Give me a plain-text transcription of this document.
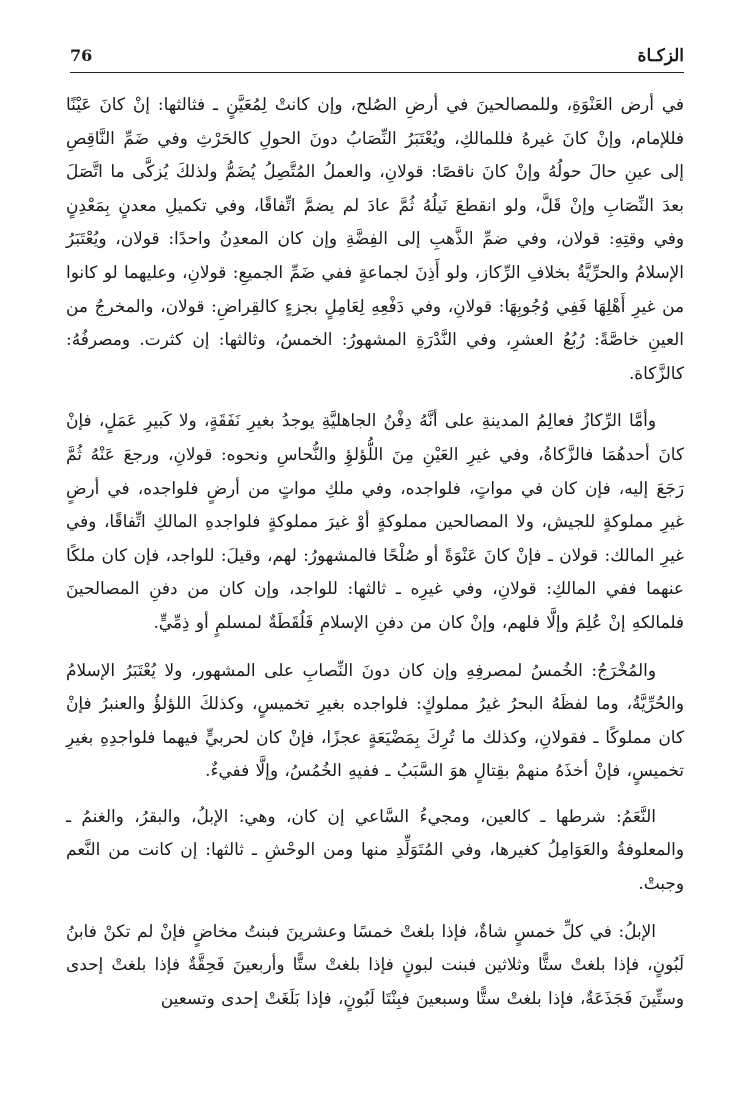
الزكـاة
76

في أرض العَنْوَةِ، وللمصالحينَ في أرضِ الصُلح، وإن كانتْ لِمُعَيَّنٍ ـ فثالثها: إنْ كانَ عَيْنًا فللإمام، وإنْ كانَ غيرهُ فللمالكِ، ويُعْتَبَرُ النِّصَابُ دونَ الحولِ كالحَرْثِ وفي ضَمِّ النَّاقِصِ إلى عينِ حالَ حولُهُ وإنْ كانَ ناقصًا: قولانِ، والعملُ المُتَّصِلُ يُضَمُّ ولذلكَ يُزكَّى ما اتَّصَلَ بعدَ النِّصَابِ وإنْ قَلَّ، ولو انقطعَ نَيلُهُ ثُمَّ عادَ لم يضمَّ اتِّفاقًا، وفي تكميلِ معدنٍ بِمَعْدِنٍ وفي وقتِهِ: قولان، وفي ضمِّ الذَّهبِ إلى الفِضَّةِ وإن كان المعدِنُ واحدًا: قولان، ويُعْتَبَرُ الإسلامُ والحرِّيَّةُ بخلافِ الرِّكاز، ولو أَذِنَ لجماعةٍ ففي ضَمِّ الجميعِ: قولانِ، وعليهما لو كانوا من غيرِ أَهْلِهَا فَفِي وُجُوبِهَا: قولانِ، وفي دَفْعِهِ لِعَامِلٍ بجزءٍ كالقِراضِ: قولان، والمخرجُ من العينِ خاصَّةً: رُبُعُ العشرِ، وفي النَّدْرَةِ المشهورُ: الخمسُ، وثالثها: إن كثرت. ومصرفُهُ: كالزَّكاة.

وأمَّا الرِّكازُ فعالِمُ المدينةِ على أنَّهُ دِفْنُ الجاهليَّةِ يوجدُ بغيرِ نَفَقَةٍ، ولا كَبيرِ عَمَلٍ، فإنْ كانَ أحدهُمَا فالزَّكاةُ، وفي غيرِ العَيْنِ مِنَ اللُّؤلؤِ والنُّحاسِ ونحوه: قولانِ، ورجعَ عَنْهُ ثُمَّ رَجَعَ إليه، فإن كان في مواتٍ، فلواجده، وفي ملكِ مواتٍ من أرضٍ فلواجده، في أرضٍ غيرِ مملوكةٍ للجيش، ولا المصالحين مملوكةٍ أوْ غيرَ مملوكةٍ فلواجدهِ المالكِ اتِّفاقًا، وفي غيرِ المالك: قولان ـ فإنْ كانَ عَنْوَةً أو صُلْحًا فالمشهورُ: لهم، وقيلَ: للواجد، فإن كان ملكًا عنهما ففي المالكِ: قولانِ، وفي غيرِه ـ ثالثها: للواجد، وإن كان من دفنِ المصالحينَ فلمالكهِ إنْ عُلِمَ وإلَّا فلهم، وإنْ كان من دفنِ الإسلامِ فَلُقَطَةٌ لمسلمٍ أو ذِمِّيٍّ.

والمُخْرَجُ: الخُمسُ لمصرفِهِ وإن كان دونَ النِّصابِ على المشهور، ولا يُعْتَبَرُ الإسلامُ والحُرِّيَّةُ، وما لفظَهُ البحرُ غيرُ مملوكٍ: فلواجده بغيرِ تخميسٍ، وكذلكَ اللؤلؤُ والعنبرُ فإنْ كان مملوكًا ـ فقولانِ، وكذلك ما تُرِكَ بِمَضْيَعَةٍ عجزًا، فإنْ كان لحربيٍّ فيهما فلواجدِهِ بغيرِ تخميسٍ، فإنْ أخذَهُ منهمْ بقِتالٍ هوَ السَّبَبُ ـ ففيهِ الخُمُسُ، وإلَّا ففيءٌ.

النَّعَمُ: شرطها ـ كالعين، ومجيءُ السَّاعي إن كان، وهي: الإبلُ، والبقرُ، والغنمُ ـ والمعلوفةُ والعَوَامِلُ كغيرها، وفي المُتَوَلِّدِ منها ومن الوحْشِ ـ ثالثها: إن كانت من النَّعم وجبتْ.

الإبلُ: في كلِّ خمسٍ شاةٌ، فإذا بلغتْ خمسًا وعشرينَ فبنتُ مخاضٍ فإنْ لم تكنْ فابنُ لَبُونٍ، فإذا بلغتْ ستًّا وثلاثين فبنت لبونٍ فإذا بلغتْ ستًّا وأربعينَ فَحِقَّةٌ فإذا بلغتْ إحدى وستِّينَ فَجَذَعَةٌ، فإذا بلغتْ ستًّا وسبعينَ فبِنْتَا لَبُونٍ، فإذا بَلَغَتْ إحدى وتسعين
